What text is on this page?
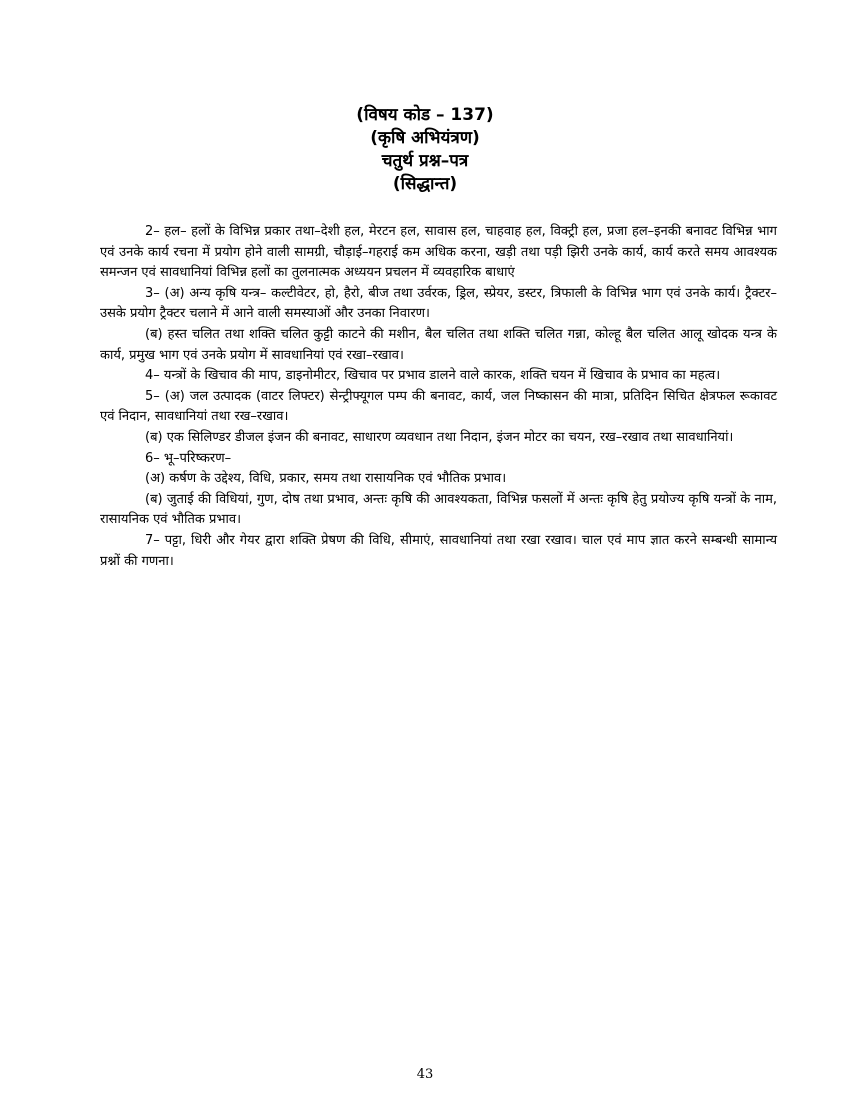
(विषय कोड – 137)
(कृषि अभियंत्रण)
चतुर्थ प्रश्न–पत्र
(सिद्धान्त)

2– हल– हलों के विभिन्न प्रकार तथा–देशी हल, मेरटन हल, सावास हल, चाहवाह हल, विक्ट्री हल, प्रजा हल–इनकी बनावट विभिन्न भाग एवं उनके कार्य रचना में प्रयोग होने वाली सामग्री, चौड़ाई–गहराई कम अधिक करना, खड़ी तथा पड़ी झिरी उनके कार्य, कार्य करते समय आवश्यक समन्जन एवं सावधानियां विभिन्न हलों का तुलनात्मक अध्ययन प्रचलन में व्यवहारिक बाधाएं

3– (अ) अन्य कृषि यन्त्र– कल्टीवेटर, हो, हैरो, बीज तथा उर्वरक, ड्रिल, स्प्रेयर, डस्टर, त्रिफाली के विभिन्न भाग एवं उनके कार्य। ट्रैक्टर– उसके प्रयोग ट्रैक्टर चलाने में आने वाली समस्याओं और उनका निवारण।

(ब) हस्त चलित तथा शक्ति चलित कुट्टी काटने की मशीन, बैल चलित तथा शक्ति चलित गन्ना, कोल्हू बैल चलित आलू खोदक यन्त्र के कार्य, प्रमुख भाग एवं उनके प्रयोग में सावधानियां एवं रखा–रखाव।

4– यन्त्रों के खिचाव की माप, डाइनोमीटर, खिचाव पर प्रभाव डालने वाले कारक, शक्ति चयन में खिचाव के प्रभाव का महत्व।

5– (अ) जल उत्पादक (वाटर लिफ्टर) सेन्ट्रीफ्यूगल पम्प की बनावट, कार्य, जल निष्कासन की मात्रा, प्रतिदिन सिचित क्षेत्रफल रूकावट एवं निदान, सावधानियां तथा रख–रखाव।

(ब) एक सिलिण्डर डीजल इंजन की बनावट, साधारण व्यवधान तथा निदान, इंजन मोटर का चयन, रख–रखाव तथा सावधानियां।

6– भू–परिष्करण–

(अ) कर्षण के उद्देश्य, विधि, प्रकार, समय तथा रासायनिक एवं भौतिक प्रभाव।

(ब) जुताई की विधियां, गुण, दोष तथा प्रभाव, अन्तः कृषि की आवश्यकता, विभिन्न फसलों में अन्तः कृषि हेतु प्रयोज्य कृषि यन्त्रों के नाम, रासायनिक एवं भौतिक प्रभाव।

7– पट्टा, धिरी और गेयर द्वारा शक्ति प्रेषण की विधि, सीमाएं, सावधानियां तथा रखा रखाव। चाल एवं माप ज्ञात करने सम्बन्धी सामान्य प्रश्नों की गणना।

43
